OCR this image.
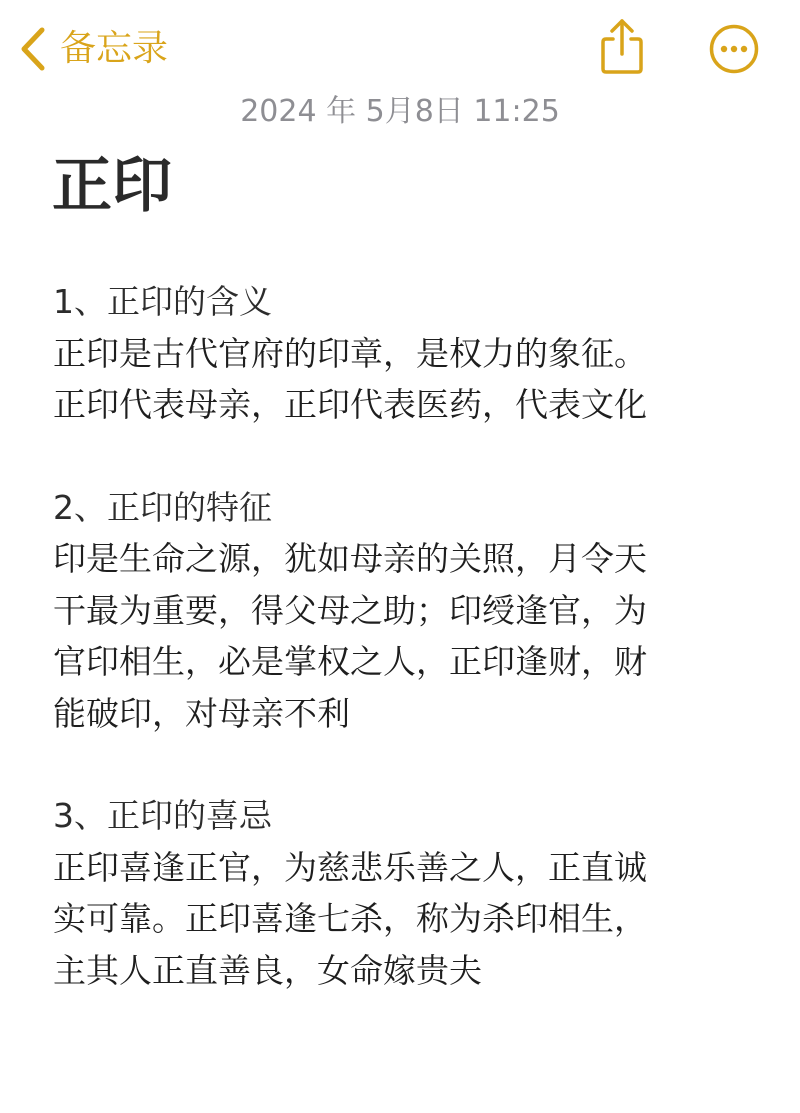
备忘录
2024 年 5月8日 11:25
正印
1、正印的含义
正印是古代官府的印章，是权力的象征。
正印代表母亲，正印代表医药，代表文化
2、正印的特征
印是生命之源，犹如母亲的关照，月令天
干最为重要，得父母之助；印绶逢官，为
官印相生，必是掌权之人，正印逢财，财
能破印，对母亲不利
3、正印的喜忌
正印喜逢正官，为慈悲乐善之人，正直诚
实可靠。正印喜逢七杀，称为杀印相生，
主其人正直善良，女命嫁贵夫
